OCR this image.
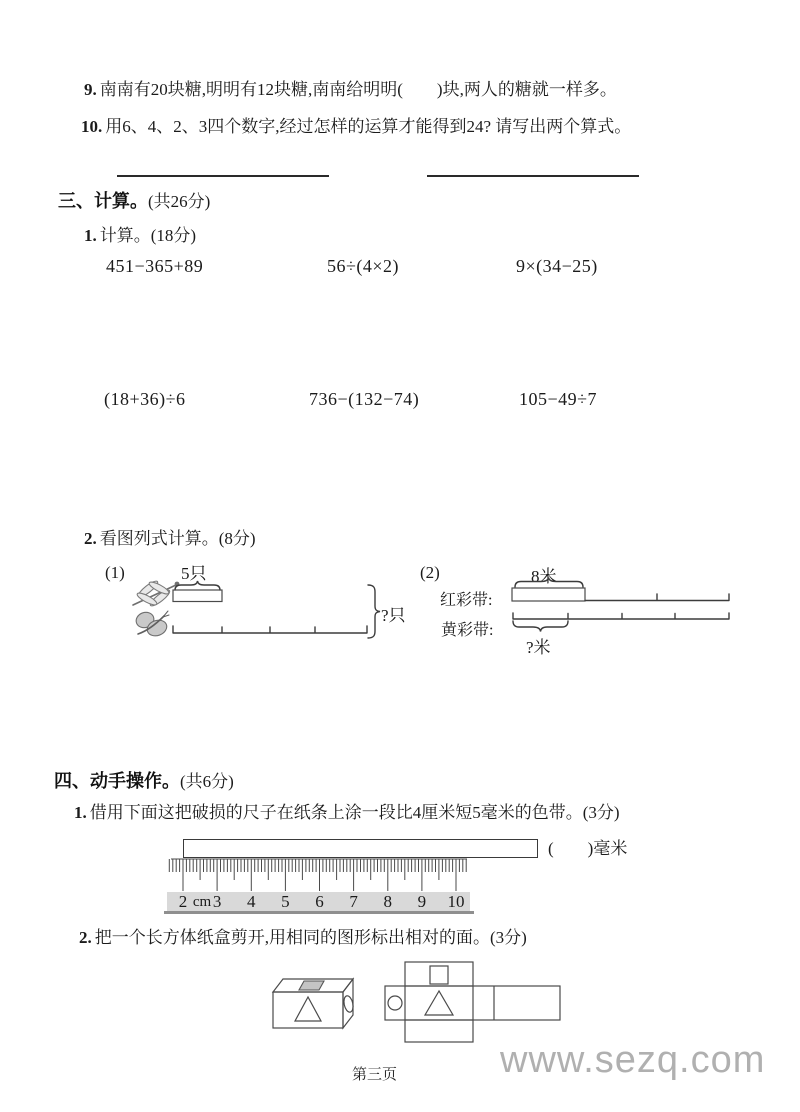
9. 南南有20块糖,明明有12块糖,南南给明明(　　)块,两人的糖就一样多。
10. 用6、4、2、3四个数字,经过怎样的运算才能得到24? 请写出两个算式。
三、计算。(共26分)
1. 计算。(18分)
451−365+89	56÷(4×2)	9×(34−25)
(18+36)÷6	736−(132−74)	105−49÷7
2. 看图列式计算。(8分)
(1)	5只
?只
(2)	8米
红彩带:
黄彩带:
?米
四、动手操作。(共6分)
1. 借用下面这把破损的尺子在纸条上涂一段比4厘米短5毫米的色带。(3分)
(　　)毫米
cm
2 3 4 5 6 7 8 9 10
2. 把一个长方体纸盒剪开,用相同的图形标出相对的面。(3分)
第三页	www.sezq.com
